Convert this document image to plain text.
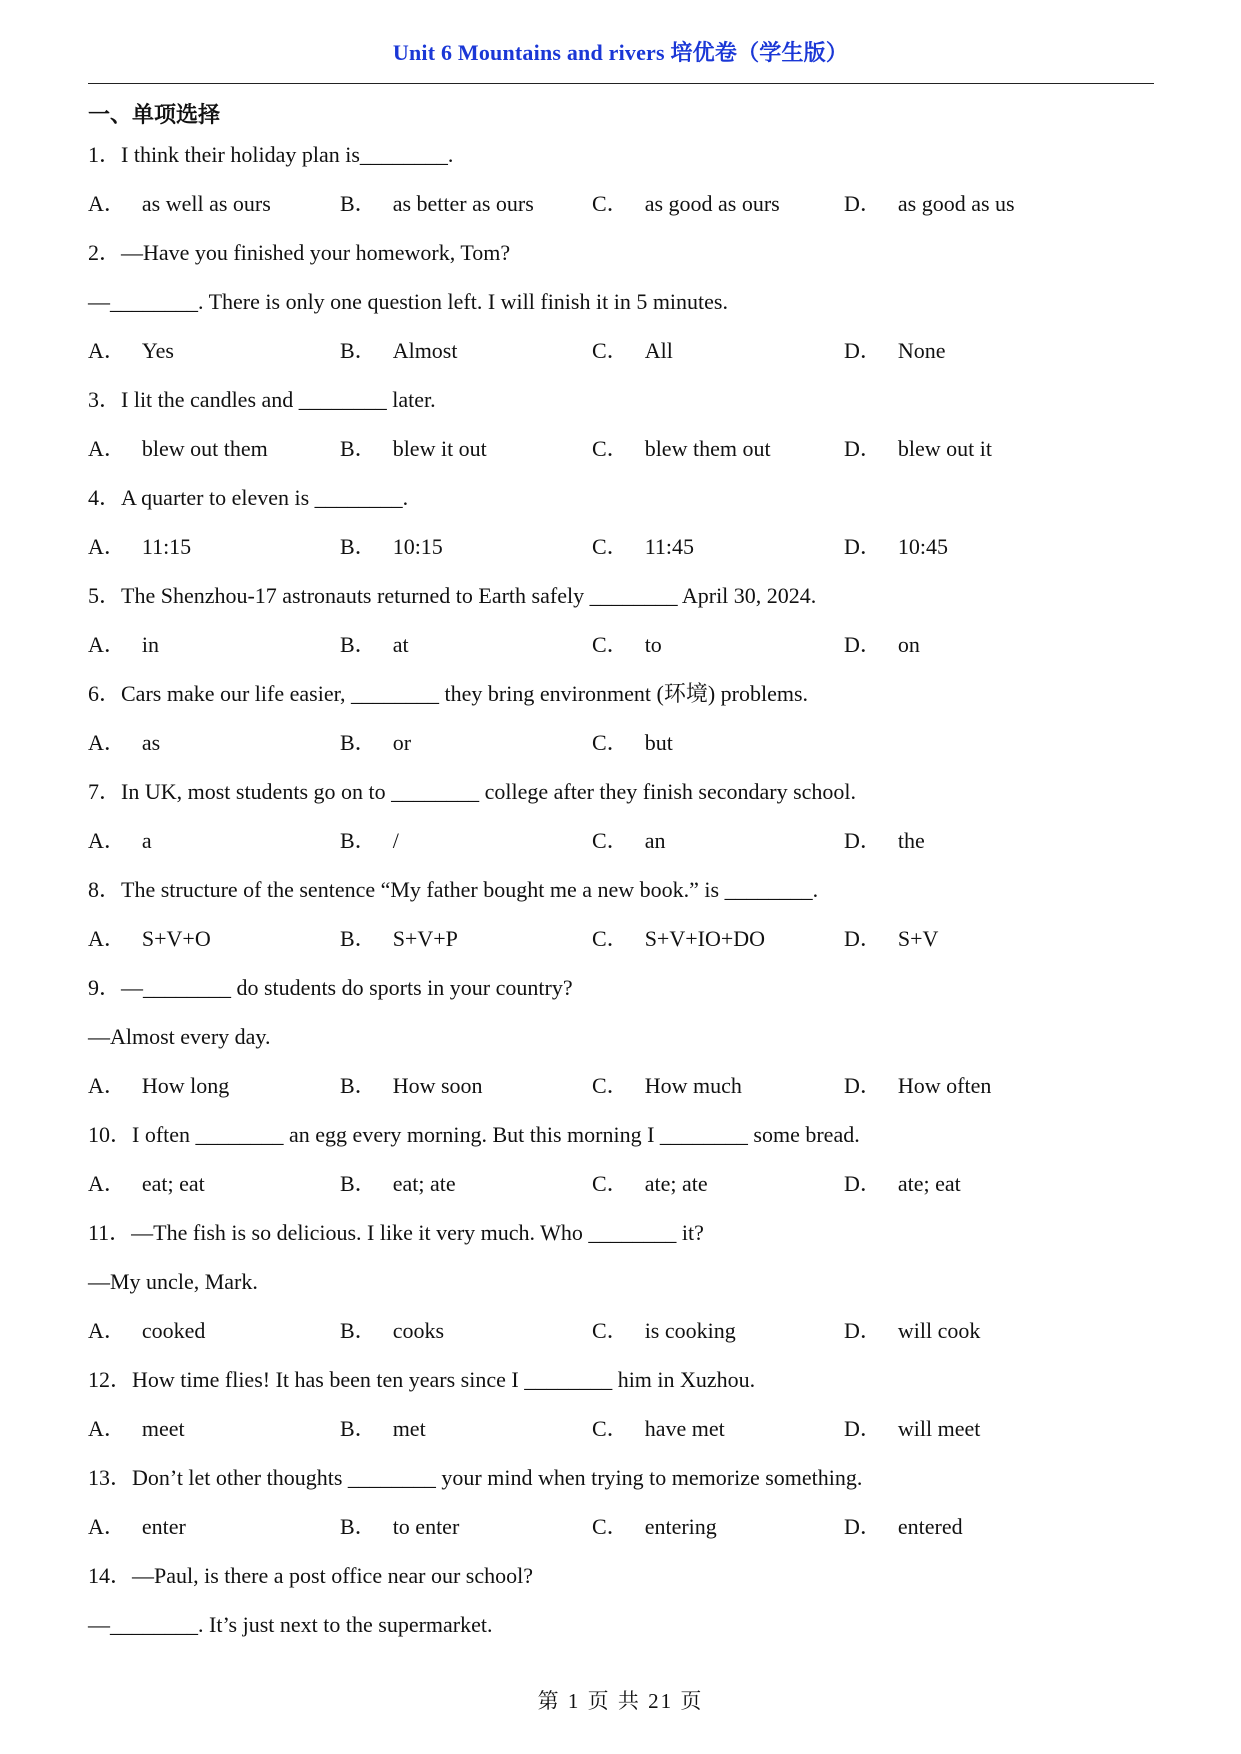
Unit 6 Mountains and rivers 培优卷（学生版）
一、单项选择
1．I think their holiday plan is________.
A． as well as ours	B． as better as ours	C． as good as ours	D． as good as us
2．—Have you finished your homework, Tom?
—________. There is only one question left. I will finish it in 5 minutes.
A． Yes	B． Almost	C． All	D． None
3．I lit the candles and ________ later.
A． blew out them	B． blew it out	C． blew them out	D． blew out it
4．A quarter to eleven is ________.
A． 11:15	B． 10:15	C． 11:45	D． 10:45
5．The Shenzhou-17 astronauts returned to Earth safely ________ April 30, 2024.
A． in	B． at	C． to	D． on
6．Cars make our life easier, ________ they bring environment (环境) problems.
A． as	B． or	C． but
7．In UK, most students go on to ________ college after they finish secondary school.
A． a	B． /	C． an	D． the
8．The structure of the sentence “My father bought me a new book.” is ________.
A． S+V+O	B． S+V+P	C． S+V+IO+DO	D． S+V
9．—________ do students do sports in your country?
—Almost every day.
A． How long	B． How soon	C． How much	D． How often
10．I often ________ an egg every morning. But this morning I ________ some bread.
A． eat; eat	B． eat; ate	C． ate; ate	D． ate; eat
11．—The fish is so delicious. I like it very much. Who ________ it?
—My uncle, Mark.
A． cooked	B． cooks	C． is cooking	D． will cook
12．How time flies! It has been ten years since I ________ him in Xuzhou.
A． meet	B． met	C． have met	D． will meet
13．Don’t let other thoughts ________ your mind when trying to memorize something.
A． enter	B． to enter	C． entering	D． entered
14．—Paul, is there a post office near our school?
—________. It’s just next to the supermarket.
第 1 页 共 21 页
